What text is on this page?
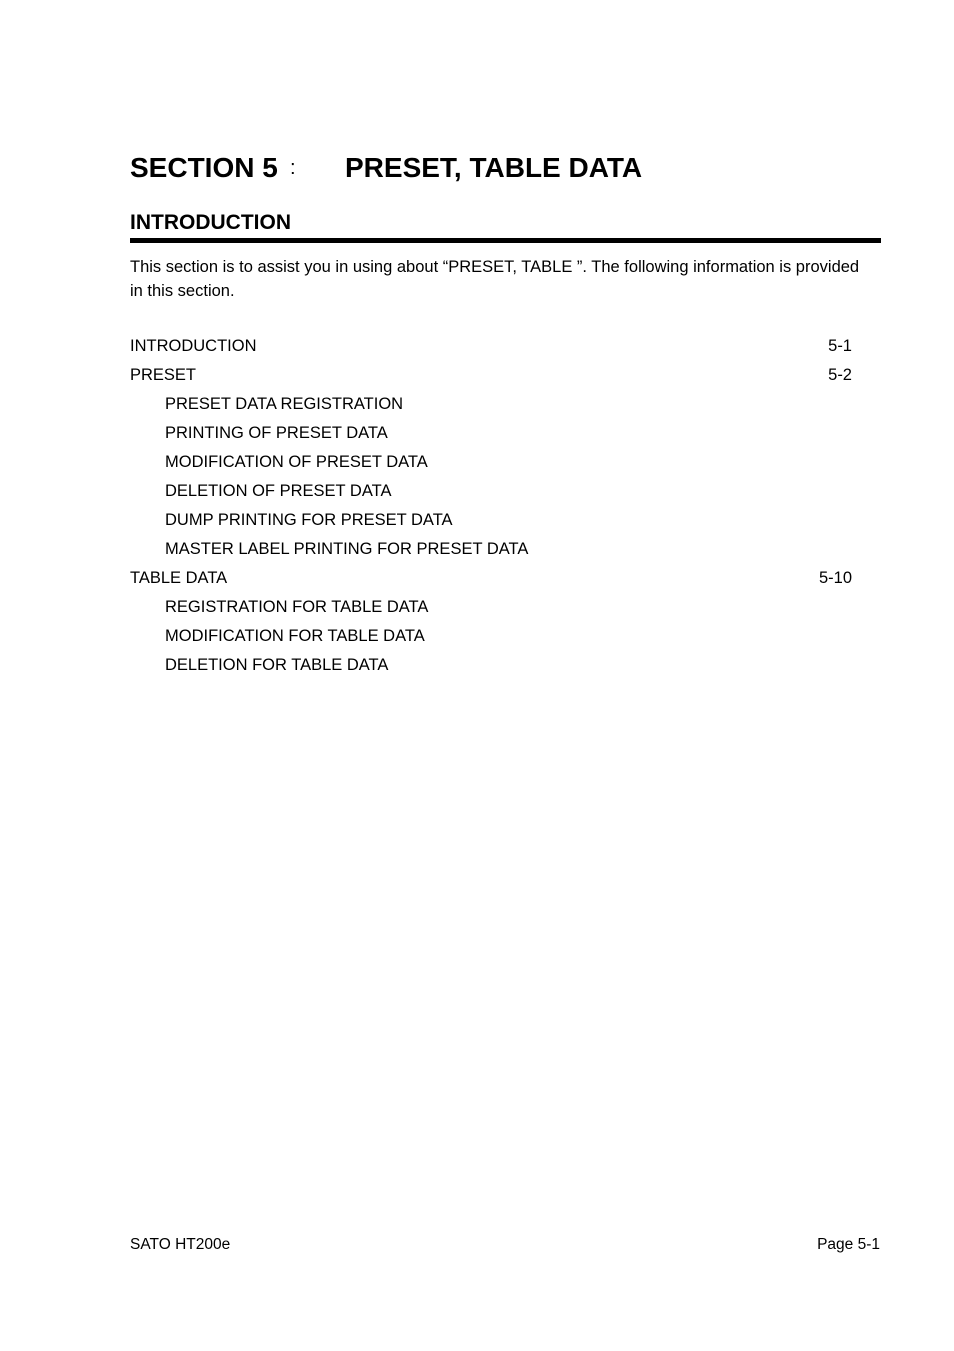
SECTION 5 : PRESET, TABLE DATA
INTRODUCTION
This section is to assist you in using about “PRESET, TABLE ”. The following information is provided in this section.
INTRODUCTION	5-1
PRESET	5-2
PRESET DATA REGISTRATION
PRINTING OF PRESET DATA
MODIFICATION OF PRESET DATA
DELETION OF PRESET DATA
DUMP PRINTING FOR PRESET DATA
MASTER LABEL PRINTING FOR PRESET DATA
TABLE DATA	5-10
REGISTRATION FOR TABLE DATA
MODIFICATION FOR TABLE DATA
DELETION FOR TABLE DATA
SATO HT200e	Page 5-1
